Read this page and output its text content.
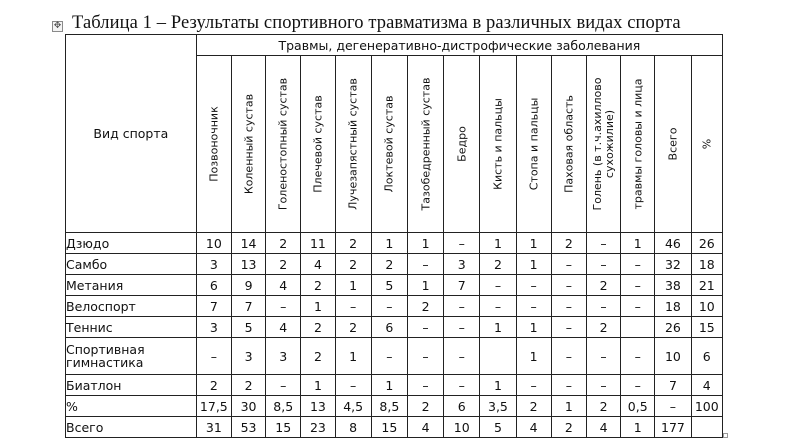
✥ Таблица 1 – Результаты спортивного травматизма в различных видах спорта
Вид спорта	Травмы, дегенеративно-дистрофические заболевания														

	Позвоночник	Коленный сустав	Голеностопный сустав	Плечевой сустав	Лучезапястный сустав	Локтевой сустав	Тазобедренный сустав	Бедро	Кисть и пальцы	Стопа и пальцы	Паховая область	Голень (в т.ч.ахиллово сухожилие)	травмы головы и лица	Всего	%

Дзюдо	10	14	2	11	2	1	1	–	1	1	2	–	1	46	26
Самбо	3	13	2	4	2	2	–	3	2	1	–	–	–	32	18
Метания	6	9	4	2	1	5	1	7	–	–	–	2	–	38	21
Велоспорт	7	7	–	1	–	–	2	–	–	–	–	–	–	18	10
Теннис	3	5	4	2	2	6	–	–	1	1	–	2		26	15
Спортивная гимнастика	–	3	3	2	1	–	–	–		1	–	–	–	10	6
Биатлон	2	2	–	1	–	1	–	–	1	–	–	–	–	7	4
%	17,5	30	8,5	13	4,5	8,5	2	6	3,5	2	1	2	0,5	–	100
Всего	31	53	15	23	8	15	4	10	5	4	2	4	1	177	
